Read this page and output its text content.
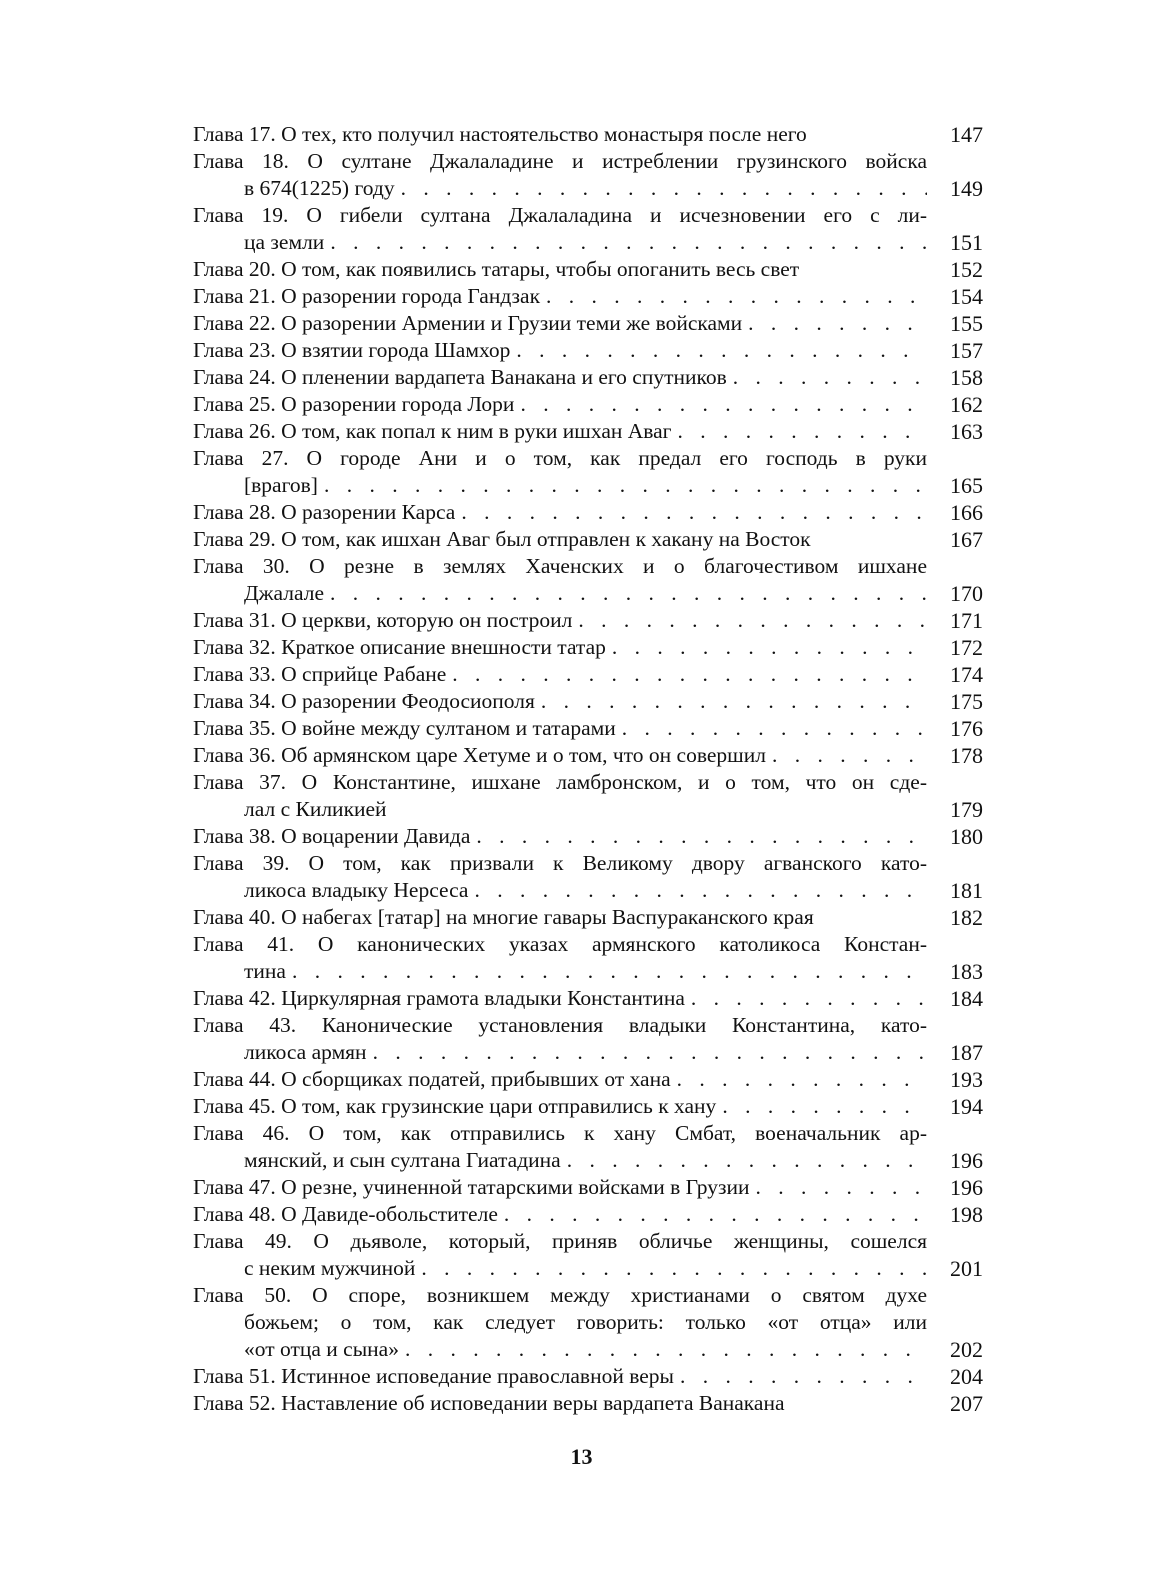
Глава 17. О тех, кто получил настоятельство монастыря после него	147
Глава 18. О султане Джалаладине и истреблении грузинского войска
в 674(1225) году . . .	149
Глава 19. О гибели султана Джалаладина и исчезновении его с ли-
ца земли . . .	151
Глава 20. О том, как появились татары, чтобы опоганить весь свет	152
Глава 21. О разорении города Гандзак . . .	154
Глава 22. О разорении Армении и Грузии теми же войсками . . .	155
Глава 23. О взятии города Шамхор . . .	157
Глава 24. О пленении вардапета Ванакана и его спутников . . .	158
Глава 25. О разорении города Лори . . .	162
Глава 26. О том, как попал к ним в руки ишхан Аваг . . .	163
Глава 27. О городе Ани и о том, как предал его господь в руки
[врагов] . . .	165
Глава 28. О разорении Карса . . .	166
Глава 29. О том, как ишхан Аваг был отправлен к хакану на Восток	167
Глава 30. О резне в землях Хаченских и о благочестивом ишхане
Джалале . . .	170
Глава 31. О церкви, которую он построил . . .	171
Глава 32. Краткое описание внешности татар . . .	172
Глава 33. О сприйце Рабане . . .	174
Глава 34. О разорении Феодосиополя . . .	175
Глава 35. О войне между султаном и татарами . . .	176
Глава 36. Об армянском царе Хетуме и о том, что он совершил . . .	178
Глава 37. О Константине, ишхане ламбронском, и о том, что он сде-
лал с Киликией	179
Глава 38. О воцарении Давида . . .	180
Глава 39. О том, как призвали к Великому двору агванского като-
ликоса владыку Нерсеса . . .	181
Глава 40. О набегах [татар] на многие гавары Васпураканского края	182
Глава 41. О канонических указах армянского католикоса Констан-
тина . . .	183
Глава 42. Циркулярная грамота владыки Константина . . .	184
Глава 43. Канонические установления владыки Константина, като-
ликоса армян . . .	187
Глава 44. О сборщиках податей, прибывших от хана . . .	193
Глава 45. О том, как грузинские цари отправились к хану . . .	194
Глава 46. О том, как отправились к хану Смбат, военачальник ар-
мянский, и сын султана Гиатадина . . .	196
Глава 47. О резне, учиненной татарскими войсками в Грузии . . .	196
Глава 48. О Давиде-обольстителе . . .	198
Глава 49. О дьяволе, который, приняв обличье женщины, сошелся
с неким мужчиной . . .	201
Глава 50. О споре, возникшем между христианами о святом духе
божьем; о том, как следует говорить: только «от отца» или
«от отца и сына» . . .	202
Глава 51. Истинное исповедание православной веры . . .	204
Глава 52. Наставление об исповедании веры вардапета Ванакана	207
13
